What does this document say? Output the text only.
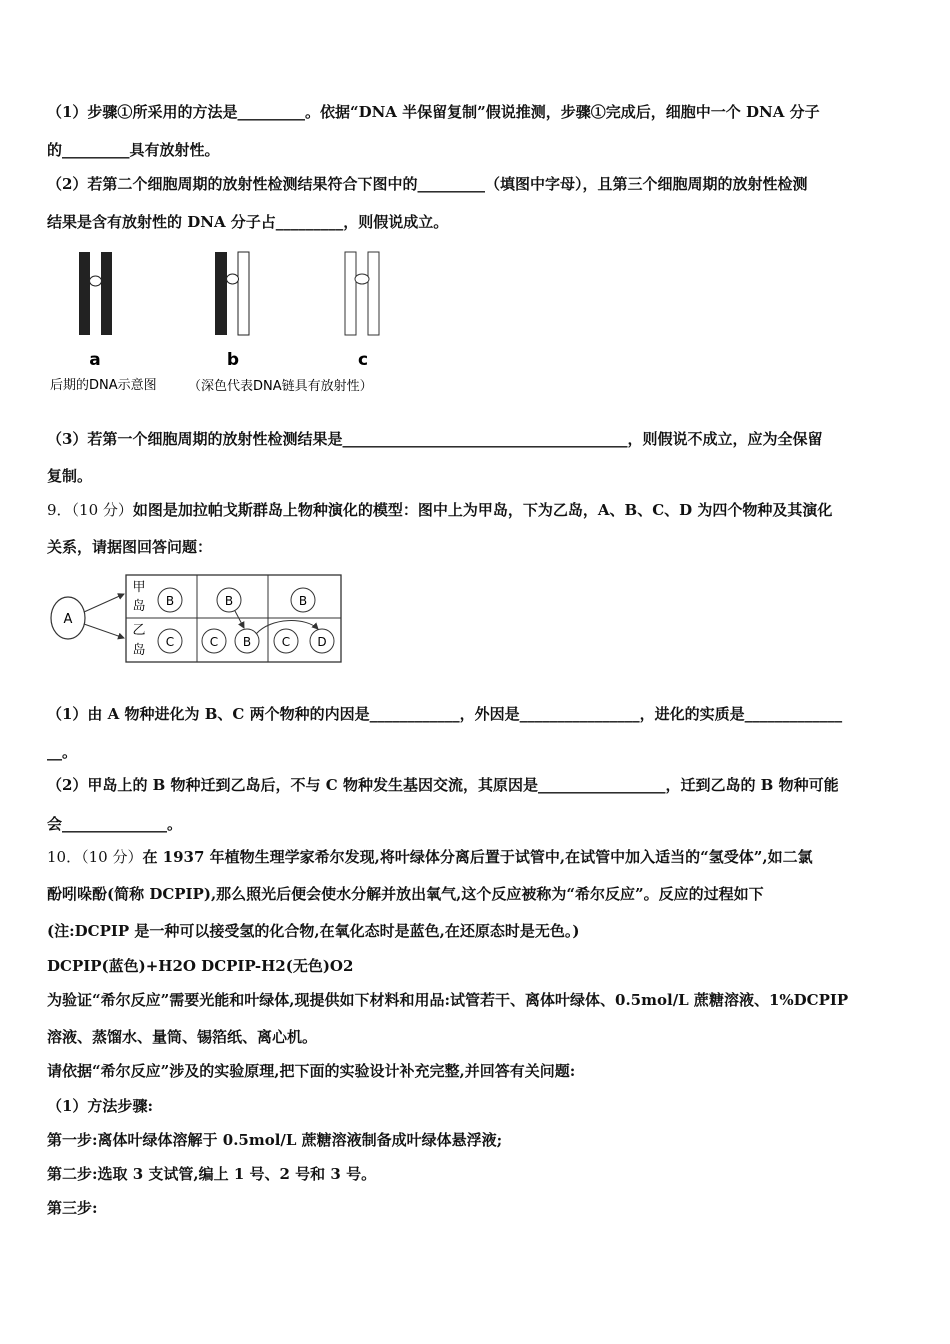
（1）步骤①所采用的方法是_________。依据“DNA 半保留复制”假说推测，步骤①完成后，细胞中一个 DNA 分子
的_________具有放射性。
（2）若第二个细胞周期的放射性检测结果符合下图中的_________（填图中字母），且第三个细胞周期的放射性检测
结果是含有放射性的 DNA 分子占_________，则假说成立。
a	b	c
后期的DNA示意图 （深色代表DNA链具有放射性）
（3）若第一个细胞周期的放射性检测结果是______________________________________，则假说不成立，应为全保留
复制。
9．（10 分）如图是加拉帕戈斯群岛上物种演化的模型：图中上为甲岛，下为乙岛，A、B、C、D 为四个物种及其演化
关系，请据图回答问题：
A
甲
岛
乙
岛
B	B	B
C	C B	C D
（1）由 A 物种进化为 B、C 两个物种的内因是____________，外因是________________，进化的实质是_____________
__。
（2）甲岛上的 B 物种迁到乙岛后，不与 C 物种发生基因交流，其原因是_________________，迁到乙岛的 B 物种可能
会______________。
10．（10 分）在 1937 年植物生理学家希尔发现,将叶绿体分离后置于试管中,在试管中加入适当的“氢受体”,如二氯
酚吲哚酚(简称 DCPIP),那么照光后便会使水分解并放出氧气,这个反应被称为“希尔反应”。反应的过程如下
(注:DCPIP 是一种可以接受氢的化合物,在氧化态时是蓝色,在还原态时是无色。)
DCPIP(蓝色)+H2O DCPIP-H2(无色)O2
为验证“希尔反应”需要光能和叶绿体,现提供如下材料和用品:试管若干、离体叶绿体、0.5mol/L 蔗糖溶液、1%DCPIP
溶液、蒸馏水、量筒、锡箔纸、离心机。
请依据“希尔反应”涉及的实验原理,把下面的实验设计补充完整,并回答有关问题:
（1）方法步骤:
第一步:离体叶绿体溶解于 0.5mol/L 蔗糖溶液制备成叶绿体悬浮液;
第二步:选取 3 支试管,编上 1 号、2 号和 3 号。
第三步:
